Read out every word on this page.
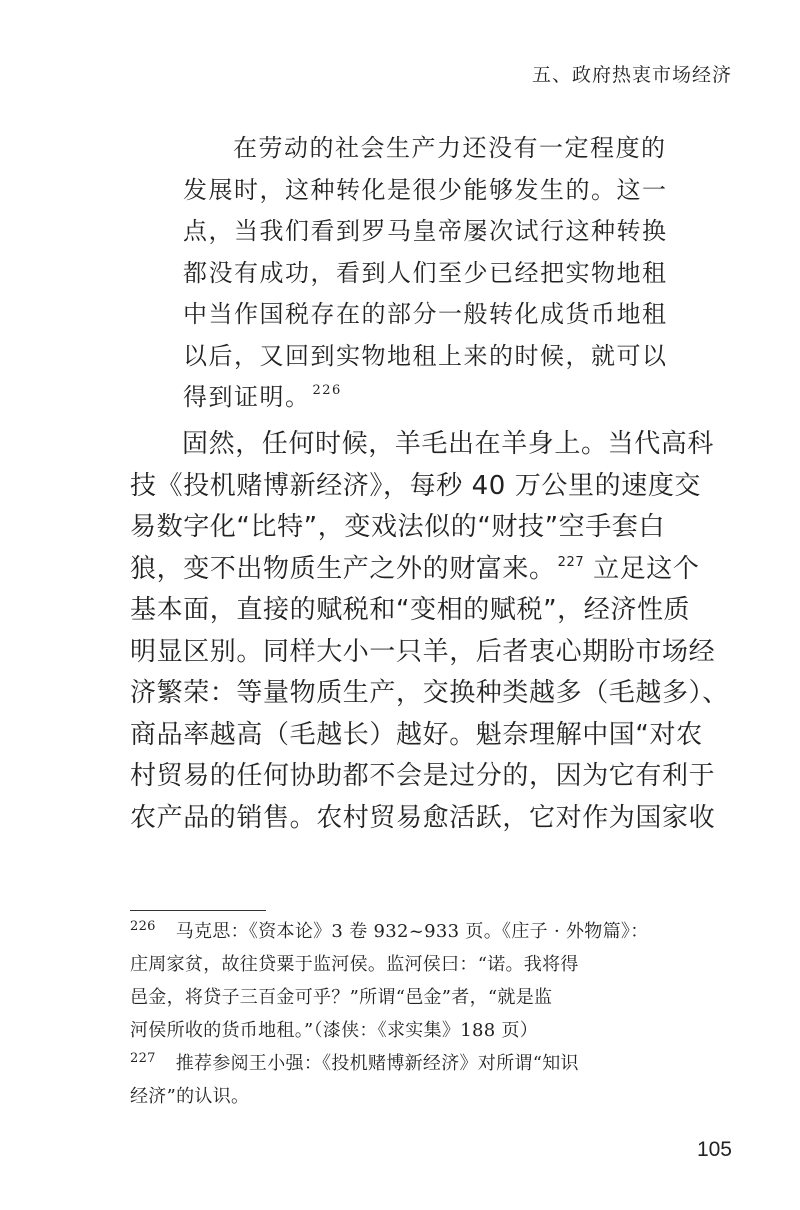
五、政府热衷市场经济

在劳动的社会生产力还没有一定程度的

发展时，这种转化是很少能够发生的。这一

点，当我们看到罗马皇帝屡次试行这种转换

都没有成功，看到人们至少已经把实物地租

中当作国税存在的部分一般转化成货币地租

以后，又回到实物地租上来的时候，就可以

得到证明。 $^{226}$

固然，任何时候，羊毛出在羊身上。当代高科

技《投机赌博新经济》，每秒 40 万公里的速度交

易数字化“比特”，变戏法似的“财技”空手套白

狼，变不出物质生产之外的财富来。 $^{227}$ 立足这个

基本面，直接的赋税和“变相的赋税”，经济性质

明显区别。同样大小一只羊，后者衷心期盼市场经

济繁荣：等量物质生产，交换种类越多（毛越多）、

商品率越高（毛越长）越好。魁奈理解中国“对农

村贸易的任何协助都不会是过分的，因为它有利于

农产品的销售。农村贸易愈活跃，它对作为国家收

$^{226}$ 马克思：《资本论》3 卷 932~933 页。《庄子 · 外物篇》：

庄周家贫，故往贷粟于监河侯。监河侯曰：“诺。我将得

邑金，将贷子三百金可乎？”所谓“邑金”者，“就是监

河侯所收的货币地租。”（漆侠：《求实集》188 页）

$^{227}$ 推荐参阅王小强：《投机赌博新经济》对所谓“知识

经济”的认识。

105
